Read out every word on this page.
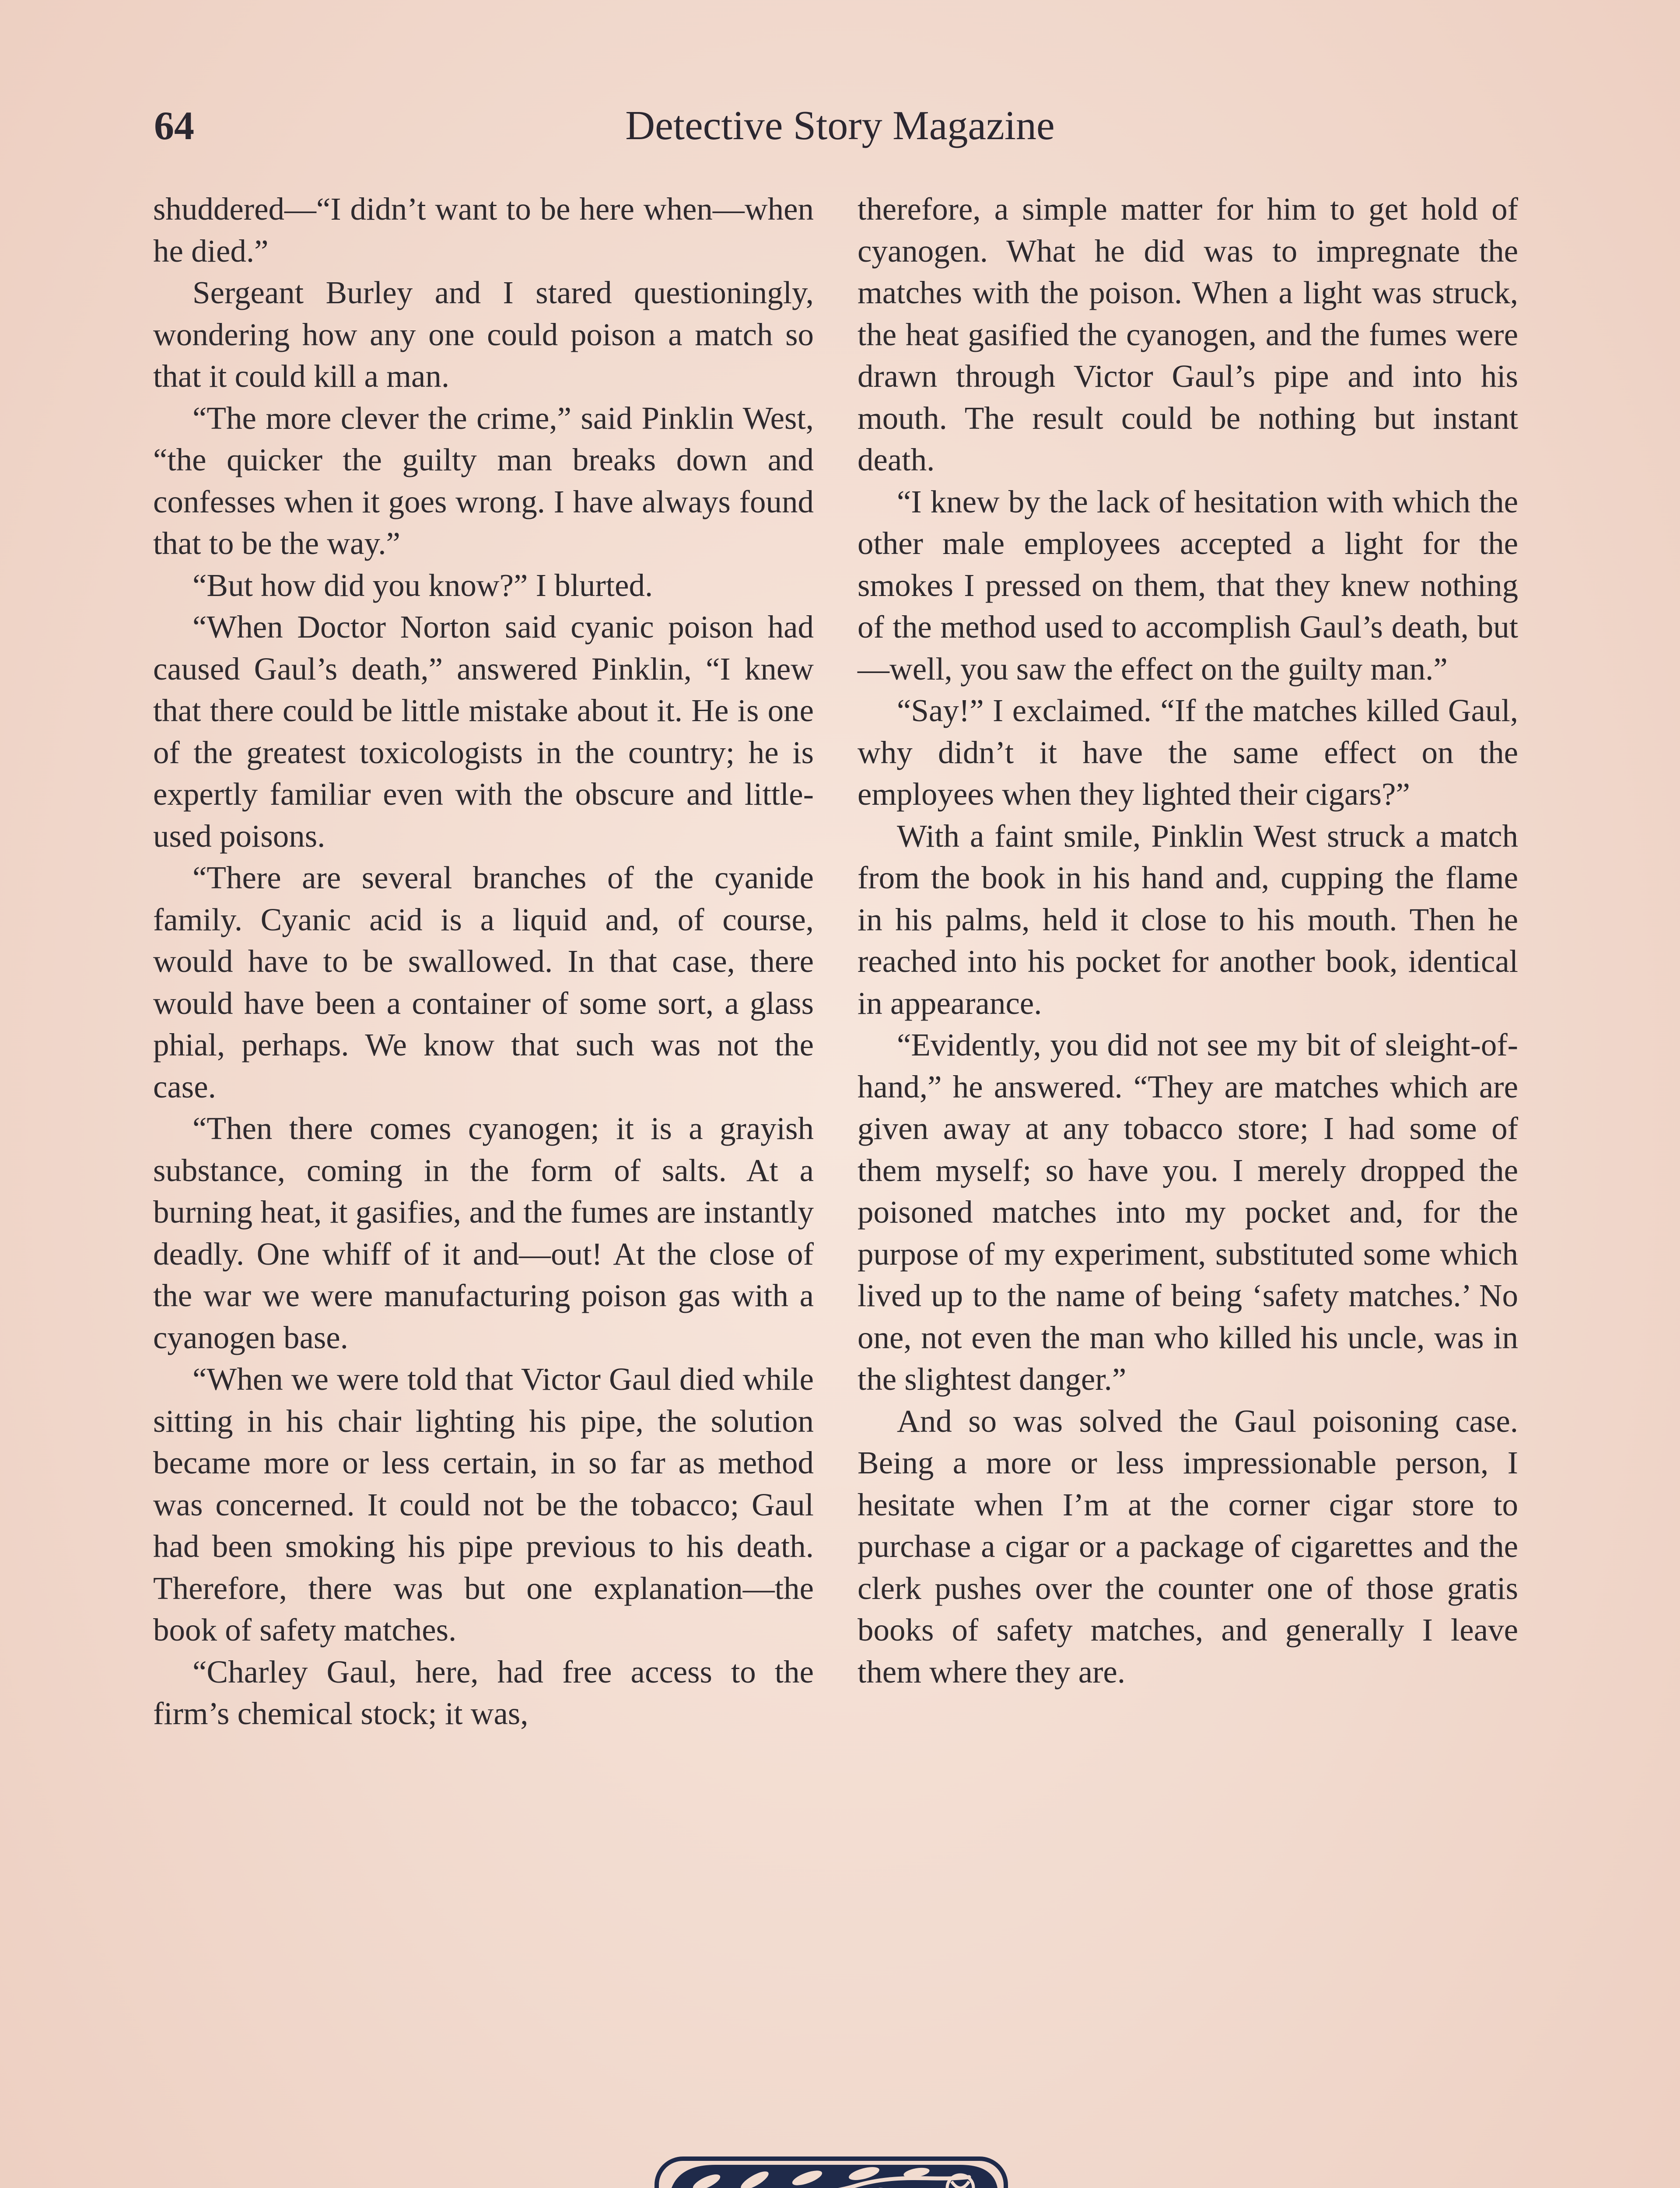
64	Detective Story Magazine

shuddered—“I didn’t want to be here when—when he died.”

Sergeant Burley and I stared questioningly, wondering how any one could poison a match so that it could kill a man.

“The more clever the crime,” said Pinklin West, “the quicker the guilty man breaks down and confesses when it goes wrong. I have always found that to be the way.”

“But how did you know?” I blurted.

“When Doctor Norton said cyanic poison had caused Gaul’s death,” answered Pinklin, “I knew that there could be little mistake about it. He is one of the greatest toxicologists in the country; he is expertly familiar even with the obscure and little-used poisons.

“There are several branches of the cyanide family. Cyanic acid is a liquid and, of course, would have to be swallowed. In that case, there would have been a container of some sort, a glass phial, perhaps. We know that such was not the case.

“Then there comes cyanogen; it is a grayish substance, coming in the form of salts. At a burning heat, it gasifies, and the fumes are instantly deadly. One whiff of it and—out! At the close of the war we were manufacturing poison gas with a cyanogen base.

“When we were told that Victor Gaul died while sitting in his chair lighting his pipe, the solution became more or less certain, in so far as method was concerned. It could not be the tobacco; Gaul had been smoking his pipe previous to his death. Therefore, there was but one explanation—the book of safety matches.

“Charley Gaul, here, had free access to the firm’s chemical stock; it was,

therefore, a simple matter for him to get hold of cyanogen. What he did was to impregnate the matches with the poison. When a light was struck, the heat gasified the cyanogen, and the fumes were drawn through Victor Gaul’s pipe and into his mouth. The result could be nothing but instant death.

“I knew by the lack of hesitation with which the other male employees accepted a light for the smokes I pressed on them, that they knew nothing of the method used to accomplish Gaul’s death, but—well, you saw the effect on the guilty man.”

“Say!” I exclaimed. “If the matches killed Gaul, why didn’t it have the same effect on the employees when they lighted their cigars?”

With a faint smile, Pinklin West struck a match from the book in his hand and, cupping the flame in his palms, held it close to his mouth. Then he reached into his pocket for another book, identical in appearance.

“Evidently, you did not see my bit of sleight-of-hand,” he answered. “They are matches which are given away at any tobacco store; I had some of them myself; so have you. I merely dropped the poisoned matches into my pocket and, for the purpose of my experiment, substituted some which lived up to the name of being ‘safety matches.’ No one, not even the man who killed his uncle, was in the slightest danger.”

And so was solved the Gaul poisoning case. Being a more or less impressionable person, I hesitate when I’m at the corner cigar store to purchase a cigar or a package of cigarettes and the clerk pushes over the counter one of those gratis books of safety matches, and generally I leave them where they are.
